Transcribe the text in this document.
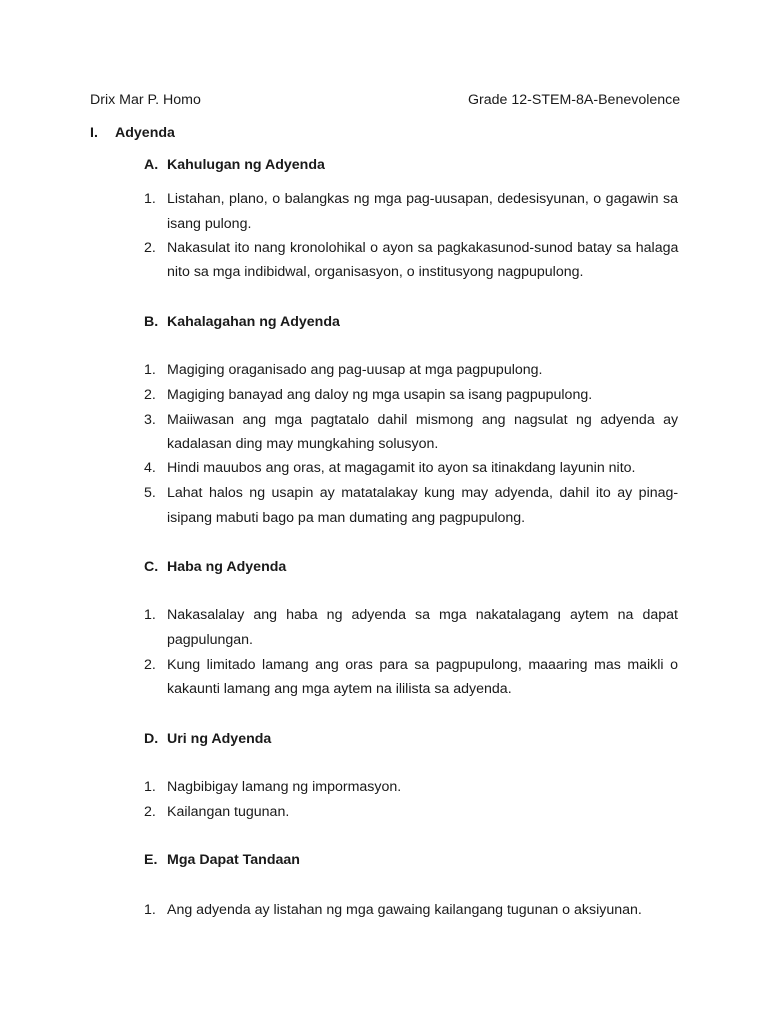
Drix Mar P. Homo	Grade 12-STEM-8A-Benevolence
I. Adyenda
A. Kahulugan ng Adyenda
1. Listahan, plano, o balangkas ng mga pag-uusapan, dedesisyunan, o gagawin sa
isang pulong.
2. Nakasulat ito nang kronolohikal o ayon sa pagkakasunod-sunod batay sa halaga
nito sa mga indibidwal, organisasyon, o institusyong nagpupulong.
B. Kahalagahan ng Adyenda
1. Magiging oraganisado ang pag-uusap at mga pagpupulong.
2. Magiging banayad ang daloy ng mga usapin sa isang pagpupulong.
3. Maiiwasan ang mga pagtatalo dahil mismong ang nagsulat ng adyenda ay
kadalasan ding may mungkahing solusyon.
4. Hindi mauubos ang oras, at magagamit ito ayon sa itinakdang layunin nito.
5. Lahat halos ng usapin ay matatalakay kung may adyenda, dahil ito ay pinag-
isipang mabuti bago pa man dumating ang pagpupulong.
C. Haba ng Adyenda
1. Nakasalalay ang haba ng adyenda sa mga nakatalagang aytem na dapat
pagpulungan.
2. Kung limitado lamang ang oras para sa pagpupulong, maaaring mas maikli o
kakaunti lamang ang mga aytem na ililista sa adyenda.
D. Uri ng Adyenda
1. Nagbibigay lamang ng impormasyon.
2. Kailangan tugunan.
E. Mga Dapat Tandaan
1. Ang adyenda ay listahan ng mga gawaing kailangang tugunan o aksiyunan.
